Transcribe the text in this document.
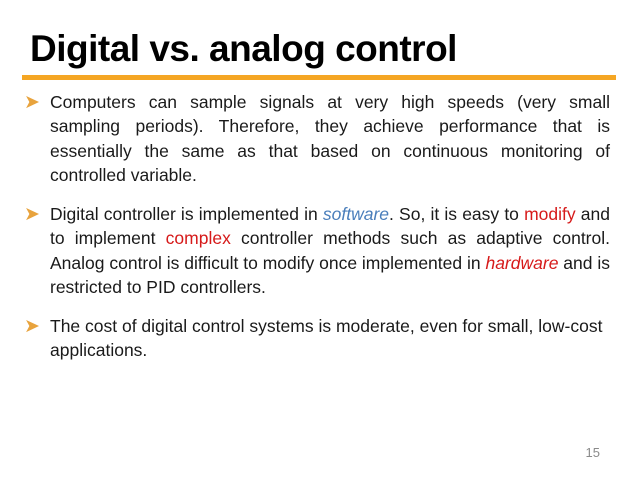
Digital vs. analog control
➤ Computers can sample signals at very high speeds (very small sampling periods). Therefore, they achieve performance that is essentially the same as that based on continuous monitoring of controlled variable.
➤ Digital controller is implemented in software. So, it is easy to modify and to implement complex controller methods such as adaptive control. Analog control is difficult to modify once implemented in hardware and is restricted to PID controllers.
➤ The cost of digital control systems is moderate, even for small, low-cost applications.
15
